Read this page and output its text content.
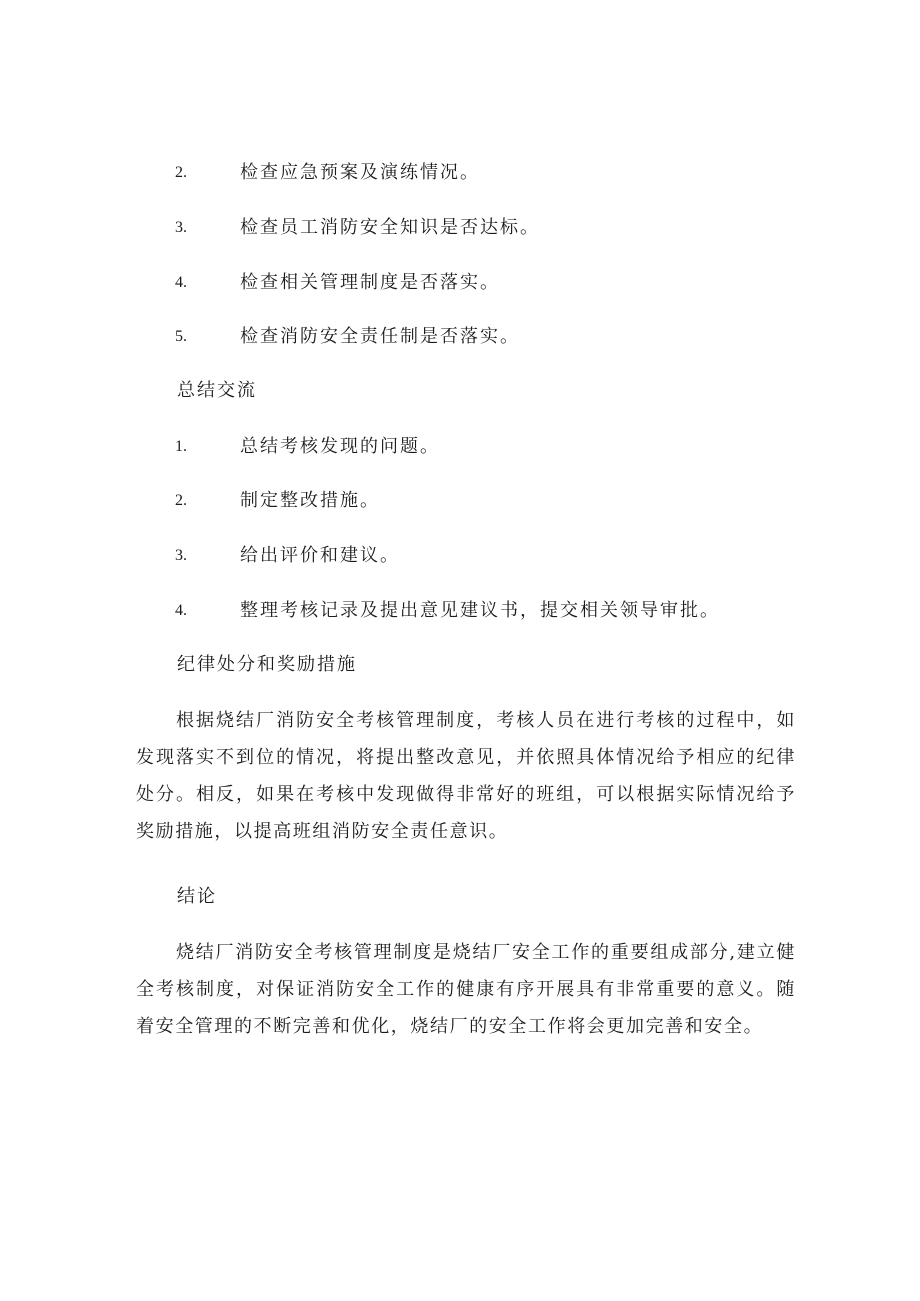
2.	检查应急预案及演练情况。
3.	检查员工消防安全知识是否达标。
4.	检查相关管理制度是否落实。
5.	检查消防安全责任制是否落实。
总结交流
1.	总结考核发现的问题。
2.	制定整改措施。
3.	给出评价和建议。
4.	整理考核记录及提出意见建议书，提交相关领导审批。
纪律处分和奖励措施
根据烧结厂消防安全考核管理制度，考核人员在进行考核的过程中，如发现落实不到位的情况，将提出整改意见，并依照具体情况给予相应的纪律处分。相反，如果在考核中发现做得非常好的班组，可以根据实际情况给予奖励措施，以提高班组消防安全责任意识。
结论
烧结厂消防安全考核管理制度是烧结厂安全工作的重要组成部分,建立健全考核制度，对保证消防安全工作的健康有序开展具有非常重要的意义。随着安全管理的不断完善和优化，烧结厂的安全工作将会更加完善和安全。
